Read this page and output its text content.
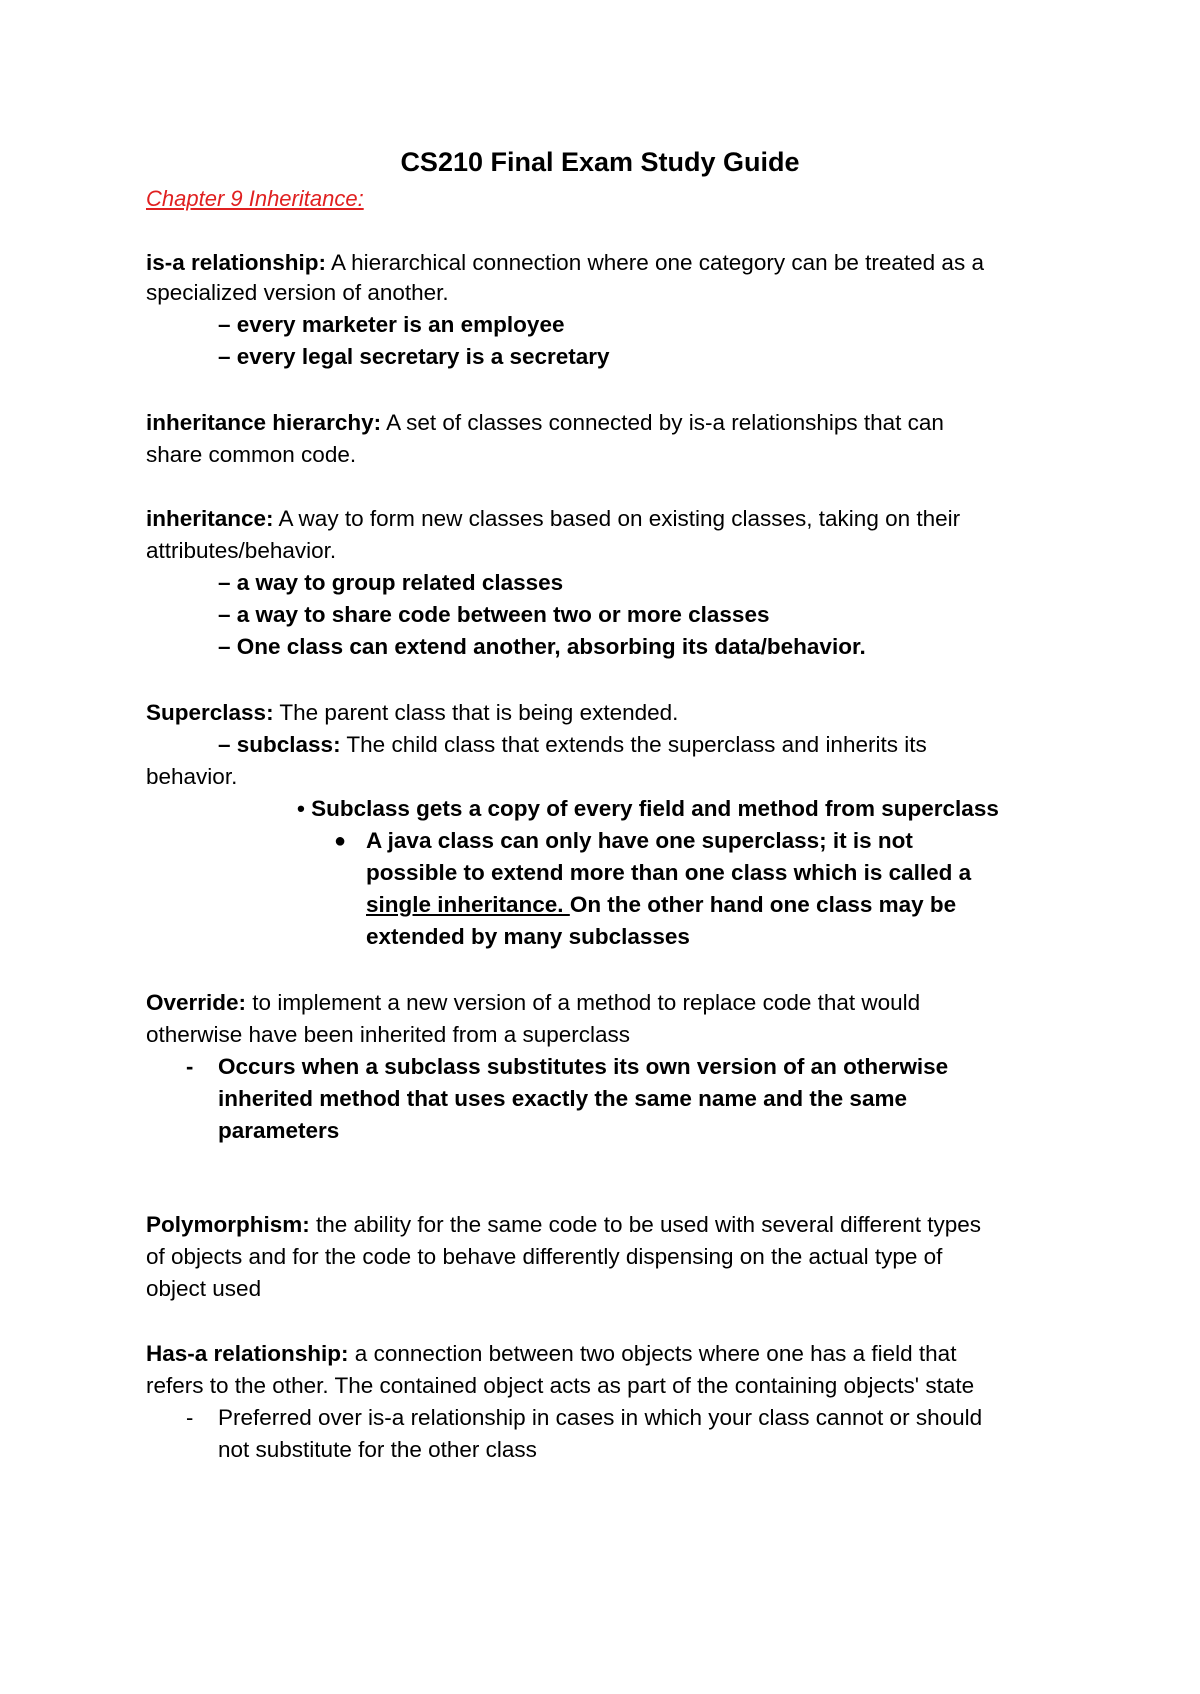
CS210 Final Exam Study Guide
Chapter 9 Inheritance:
is-a relationship: A hierarchical connection where one category can be treated as a
specialized version of another.
– every marketer is an employee
– every legal secretary is a secretary
inheritance hierarchy: A set of classes connected by is-a relationships that can
share common code.
inheritance: A way to form new classes based on existing classes, taking on their
attributes/behavior.
– a way to group related classes
– a way to share code between two or more classes
– One class can extend another, absorbing its data/behavior.
Superclass: The parent class that is being extended.
– subclass: The child class that extends the superclass and inherits its
behavior.
• Subclass gets a copy of every field and method from superclass
● A java class can only have one superclass; it is not
possible to extend more than one class which is called a
single inheritance. On the other hand one class may be
extended by many subclasses
Override: to implement a new version of a method to replace code that would
otherwise have been inherited from a superclass
- Occurs when a subclass substitutes its own version of an otherwise
inherited method that uses exactly the same name and the same
parameters
Polymorphism: the ability for the same code to be used with several different types
of objects and for the code to behave differently dispensing on the actual type of
object used
Has-a relationship: a connection between two objects where one has a field that
refers to the other. The contained object acts as part of the containing objects' state
- Preferred over is-a relationship in cases in which your class cannot or should
not substitute for the other class
